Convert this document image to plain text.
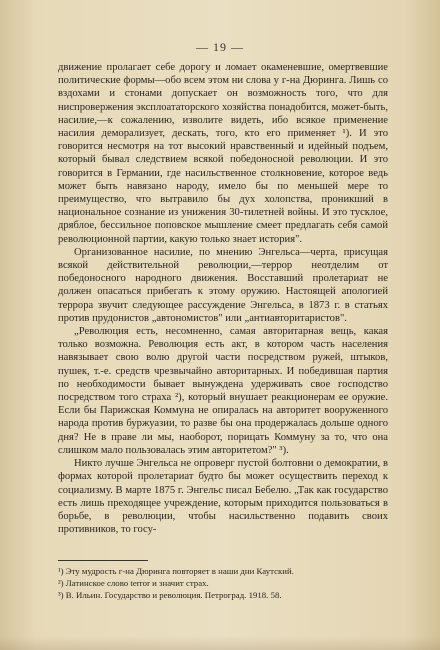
— 19 —

движение пролагает себе дорогу и ломает окаменевшие, омертвевшие политические формы—обо всем этом ни слова у г-на Дюринга. Лишь со вздохами и стонами допускает он возможность того, что для ниспровержения эксплоататорского хозяйства понадобится, может-быть, насилие,—к сожалению, изволите видеть, ибо всякое применение насилия деморализует, дескать, того, кто его применяет ¹). И это говорится несмотря на тот высокий нравственный и идейный подъем, который бывал следствием всякой победоносной революции. И это говорится в Германии, где насильственное столкновение, которое ведь может быть навязано народу, имело бы по меньшей мере то преимущество, что вытравило бы дух холопства, проникший в национальное сознание из унижения 30-тилетней войны. И это тусклое, дряблое, бессильное поповское мышление смеет предлагать себя самой революционной партии, какую только знает история".

Организованное насилие, по мнению Энгельса—черта, присущая всякой действительной революции,—террор неотделим от победоносного народного движения. Восставший пролетариат не должен опасаться прибегать к этому оружию. Настоящей апологией террора звучит следующее рассуждение Энгельса, в 1873 г. в статьях против прудонистов „автономистов" или „антиавторитаристов".

„Революция есть, несомненно, самая авторитарная вещь, какая только возможна. Революция есть акт, в котором часть населения навязывает свою волю другой части посредством ружей, штыков, пушек, т.-е. средств чрезвычайно авторитарных. И победившая партия по необходимости бывает вынуждена удерживать свое господство посредством того страха ²), который внушает реакционерам ее оружие. Если бы Парижская Коммуна не опиралась на авторитет вооруженного народа против буржуазии, то разве бы она продержалась дольше одного дня? Не в праве ли мы, наоборот, порицать Коммуну за то, что она слишком мало пользовалась этим авторитетом?" ³).

Никто лучше Энгельса не опроверг пустой болтовни о демократии, в формах которой пролетариат будто бы может осуществить переход к социализму. В марте 1875 г. Энгельс писал Бебелю. „Так как государство есть лишь преходящее учреждение, которым приходится пользоваться в борьбе, в революции, чтобы насильственно подавить своих противников, то госу-

¹) Эту мудрость г-на Дюринга повторяет в наши дни Каутский.
²) Латинское слово terror и значит страх.
³) В. Ильин. Государство и революция. Петроград. 1918. 58.
